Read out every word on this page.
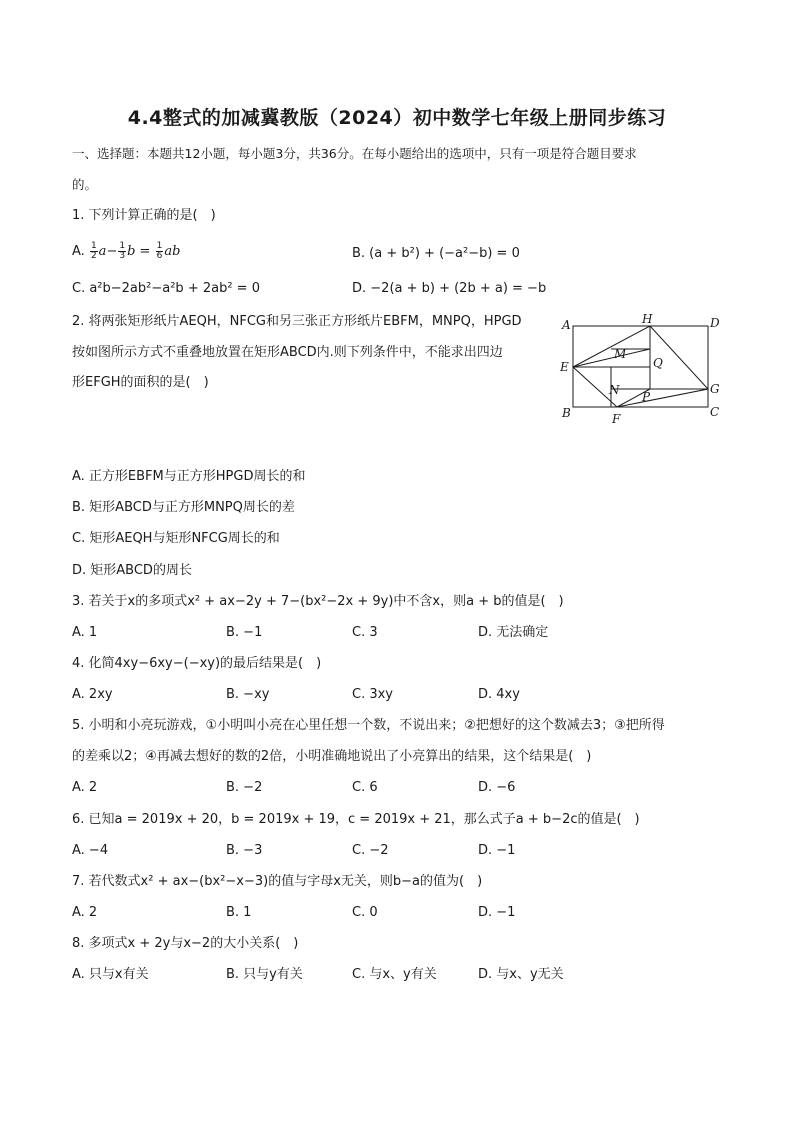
4.4整式的加减冀教版（2024）初中数学七年级上册同步练习
一、选择题：本题共12小题，每小题3分，共36分。在每小题给出的选项中，只有一项是符合题目要求
的。
1. 下列计算正确的是( )
A. $\frac{1}{2} a- \frac{1}{3}$ $b = \frac{1}{6}$ ab	B. (a + b²) + (−a²−b) = 0
C. a²b−2ab²−a²b + 2ab² = 0	D. −2(a + b) + (2b + a) = −b
2. 将两张矩形纸片AEQH，NFCG和另三张正方形纸片EBFM，MNPQ，HPGD
按如图所示方式不重叠地放置在矩形ABCD内.则下列条件中，不能求出四边
形EFGH的面积的是( )
A	H	D
M
Q
E
N	G
P
B	F	C
A. 正方形EBFM与正方形HPGD周长的和
B. 矩形ABCD与正方形MNPQ周长的差
C. 矩形AEQH与矩形NFCG周长的和
D. 矩形ABCD的周长
3. 若关于x的多项式x² + ax−2y + 7−(bx²−2x + 9y)中不含x，则a + b的值是( )
A. 1	B. −1	C. 3	D. 无法确定
4. 化简4xy−6xy−(−xy)的最后结果是( )
A. 2xy	B. −xy	C. 3xy	D. 4xy
5. 小明和小亮玩游戏，①小明叫小亮在心里任想一个数，不说出来；②把想好的这个数减去3；③把所得
的差乘以2；④再减去想好的数的2倍，小明准确地说出了小亮算出的结果，这个结果是( )
A. 2	B. −2	C. 6	D. −6
6. 已知a = 2019x + 20，b = 2019x + 19，c = 2019x + 21，那么式子a + b−2c的值是( )
A. −4	B. −3	C. −2	D. −1
7. 若代数式x² + ax−(bx²−x−3)的值与字母x无关，则b−a的值为( )
A. 2	B. 1	C. 0	D. −1
8. 多项式x + 2y与x−2的大小关系( )
A. 只与x有关	B. 只与y有关	C. 与x、y有关	D. 与x、y无关
